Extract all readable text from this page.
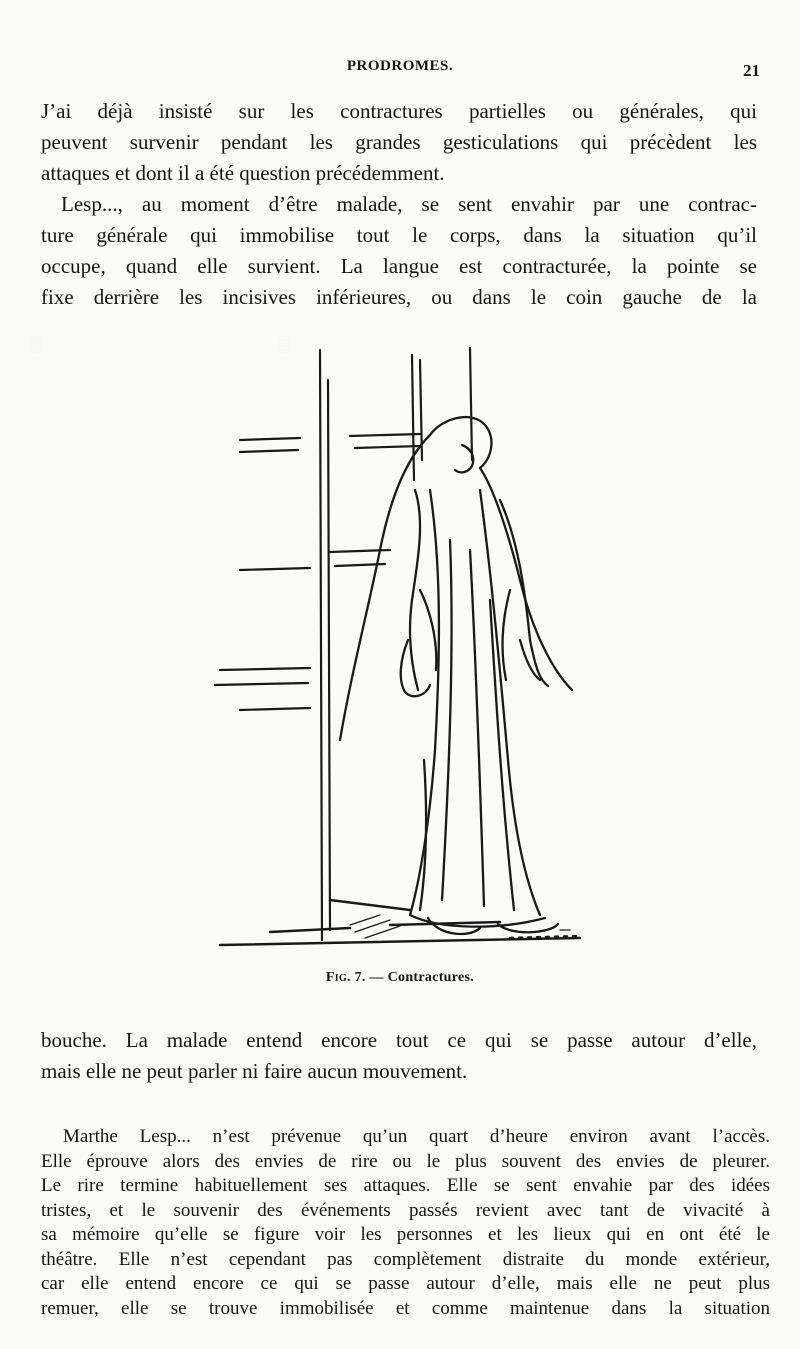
PRODROMES.	21
J’ai déjà insisté sur les contractures partielles ou générales, qui
peuvent survenir pendant les grandes gesticulations qui précèdent les
attaques et dont il a été question précédemment.
Lesp..., au moment d’être malade, se sent envahir par une contrac-
ture générale qui immobilise tout le corps, dans la situation qu’il
occupe, quand elle survient. La langue est contracturée, la pointe se
fixe derrière les incisives inférieures, ou dans le coin gauche de la
Fig. 7. — Contractures.
bouche. La malade entend encore tout ce qui se passe autour d’elle,
mais elle ne peut parler ni faire aucun mouvement.
Marthe Lesp... n’est prévenue qu’un quart d’heure environ avant l’accès.
Elle éprouve alors des envies de rire ou le plus souvent des envies de pleurer.
Le rire termine habituellement ses attaques. Elle se sent envahie par des idées
tristes, et le souvenir des événements passés revient avec tant de vivacité à
sa mémoire qu’elle se figure voir les personnes et les lieux qui en ont été le
théâtre. Elle n’est cependant pas complètement distraite du monde extérieur,
car elle entend encore ce qui se passe autour d’elle, mais elle ne peut plus
remuer, elle se trouve immobilisée et comme maintenue dans la situation
